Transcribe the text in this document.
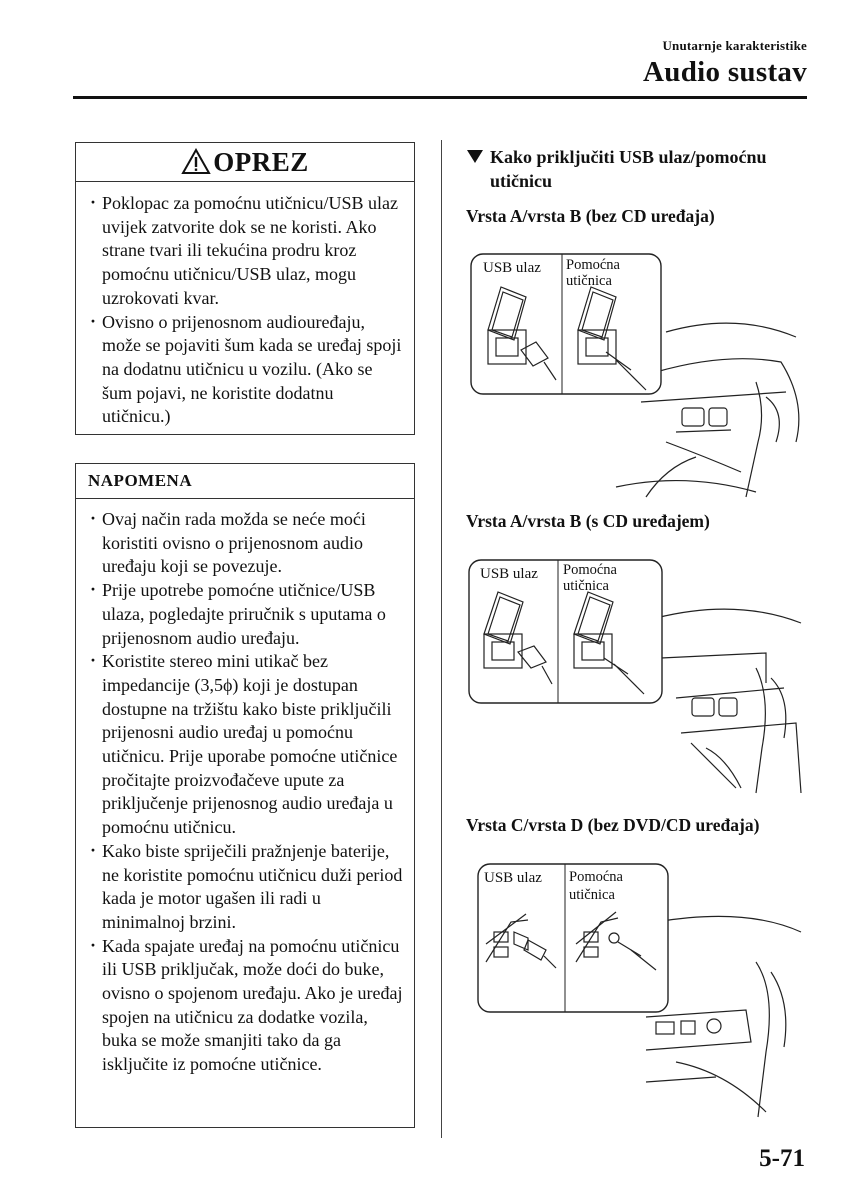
Unutarnje karakteristike
Audio sustav
OPREZ
· Poklopac za pomoćnu utičnicu/USB ulaz uvijek zatvorite dok se ne koristi. Ako strane tvari ili tekućina prodru kroz pomoćnu utičnicu/USB ulaz, mogu uzrokovati kvar.
· Ovisno o prijenosnom audiouređaju, može se pojaviti šum kada se uređaj spoji na dodatnu utičnicu u vozilu. (Ako se šum pojavi, ne koristite dodatnu utičnicu.)
NAPOMENA
· Ovaj način rada možda se neće moći koristiti ovisno o prijenosnom audio uređaju koji se povezuje.
· Prije upotrebe pomoćne utičnice/USB ulaza, pogledajte priručnik s uputama o prijenosnom audio uređaju.
· Koristite stereo mini utikač bez impedancije (3,5ϕ) koji je dostupan dostupne na tržištu kako biste priključili prijenosni audio uređaj u pomoćnu utičnicu. Prije uporabe pomoćne utičnice pročitajte proizvođačeve upute za priključenje prijenosnog audio uređaja u pomoćnu utičnicu.
· Kako biste spriječili pražnjenje baterije, ne koristite pomoćnu utičnicu duži period kada je motor ugašen ili radi u minimalnoj brzini.
· Kada spajate uređaj na pomoćnu utičnicu ili USB priključak, može doći do buke, ovisno o spojenom uređaju. Ako je uređaj spojen na utičnicu za dodatke vozila, buka se može smanjiti tako da ga isključite iz pomoćne utičnice.
Kako priključiti USB ulaz/pomoćnu utičnicu
Vrsta A/vrsta B (bez CD uređaja)
Vrsta A/vrsta B (s CD uređajem)
Vrsta C/vrsta D (bez DVD/CD uređaja)
USB ulaz Pomoćna
utičnica
USB ulaz Pomoćna
utičnica
USB ulaz Pomoćna
utičnica
5-71
